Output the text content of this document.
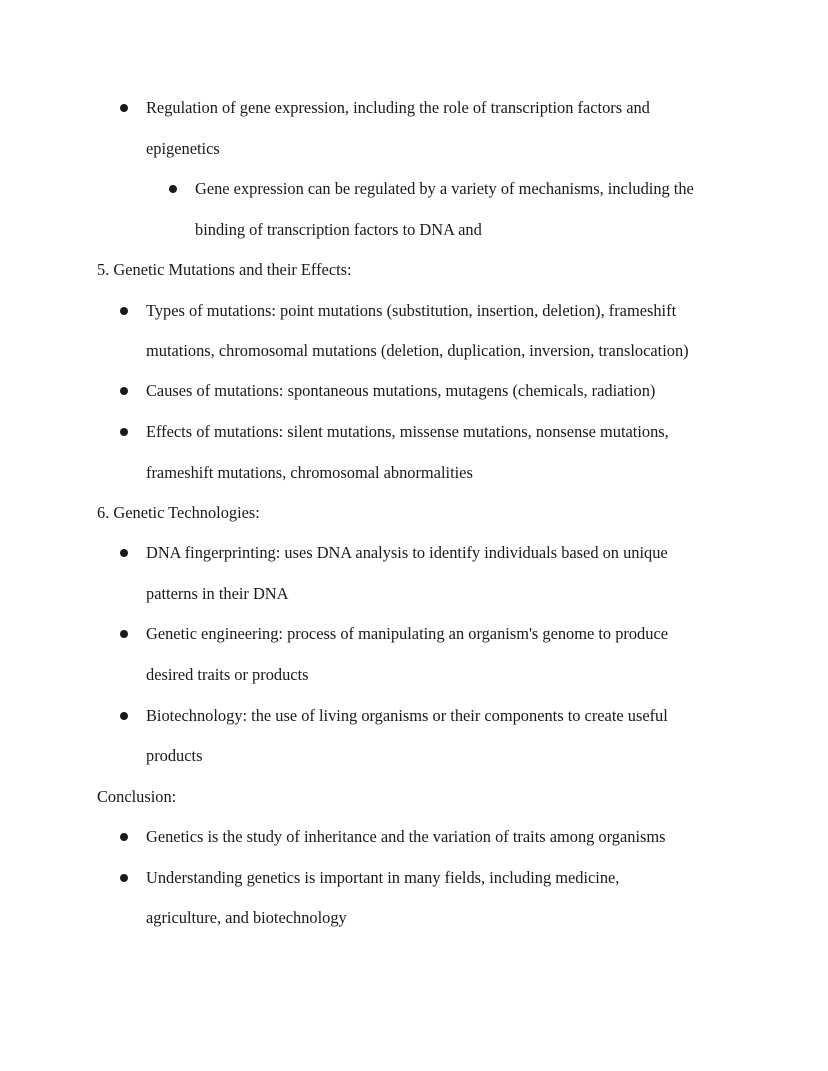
Regulation of gene expression, including the role of transcription factors and
epigenetics
Gene expression can be regulated by a variety of mechanisms, including the
binding of transcription factors to DNA and
5. Genetic Mutations and their Effects:
Types of mutations: point mutations (substitution, insertion, deletion), frameshift
mutations, chromosomal mutations (deletion, duplication, inversion, translocation)
Causes of mutations: spontaneous mutations, mutagens (chemicals, radiation)
Effects of mutations: silent mutations, missense mutations, nonsense mutations,
frameshift mutations, chromosomal abnormalities
6. Genetic Technologies:
DNA fingerprinting: uses DNA analysis to identify individuals based on unique
patterns in their DNA
Genetic engineering: process of manipulating an organism's genome to produce
desired traits or products
Biotechnology: the use of living organisms or their components to create useful
products
Conclusion:
Genetics is the study of inheritance and the variation of traits among organisms
Understanding genetics is important in many fields, including medicine,
agriculture, and biotechnology
